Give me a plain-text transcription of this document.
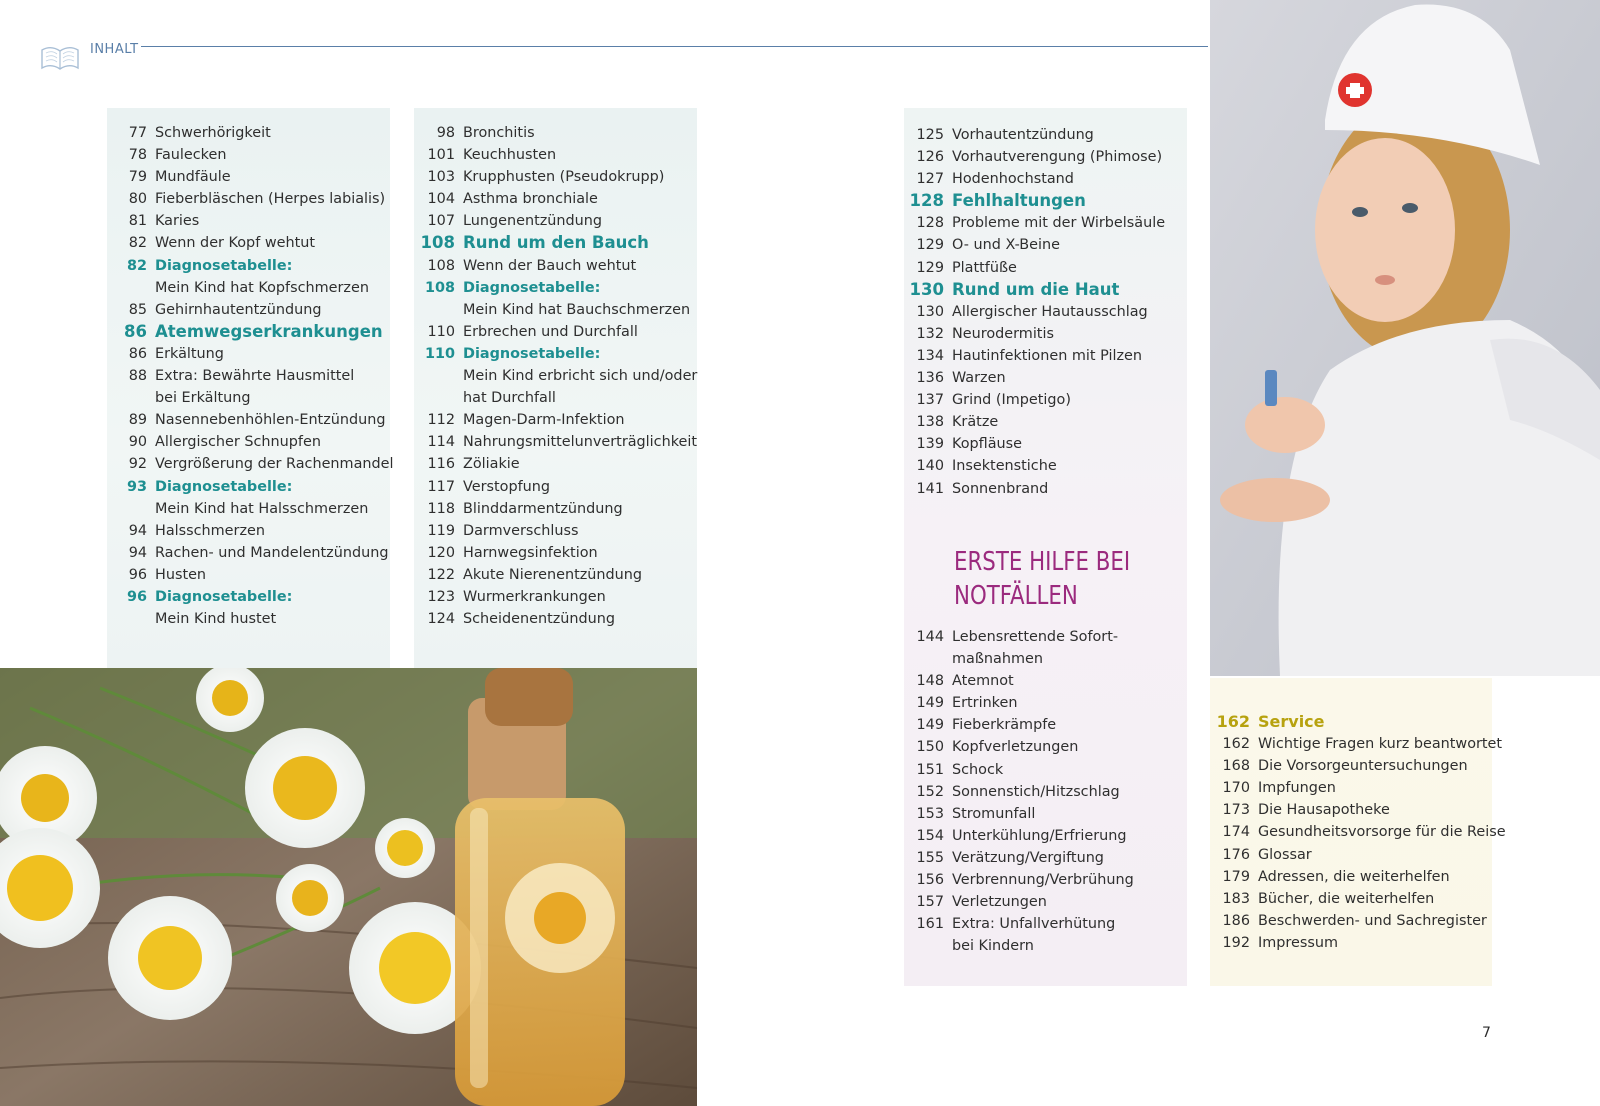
INHALT
77 Schwerhörigkeit
78 Faulecken
79 Mundfäule
80 Fieberbläschen (Herpes labialis)
81 Karies
82 Wenn der Kopf wehtut
82 Diagnosetabelle:
Mein Kind hat Kopfschmerzen
85 Gehirnhautentzündung
86 Atemwegserkrankungen
86 Erkältung
88 Extra: Bewährte Hausmittel
bei Erkältung
89 Nasennebenhöhlen-Entzündung
90 Allergischer Schnupfen
92 Vergrößerung der Rachenmandel
93 Diagnosetabelle:
Mein Kind hat Halsschmerzen
94 Halsschmerzen
94 Rachen- und Mandelentzündung
96 Husten
96 Diagnosetabelle:
Mein Kind hustet
98 Bronchitis
101 Keuchhusten
103 Krupphusten (Pseudokrupp)
104 Asthma bronchiale
107 Lungenentzündung
108 Rund um den Bauch
108 Wenn der Bauch wehtut
108 Diagnosetabelle:
Mein Kind hat Bauchschmerzen
110 Erbrechen und Durchfall
110 Diagnosetabelle:
Mein Kind erbricht sich und/oder
hat Durchfall
112 Magen-Darm-Infektion
114 Nahrungsmittelunverträglichkeit
116 Zöliakie
117 Verstopfung
118 Blinddarmentzündung
119 Darmverschluss
120 Harnwegsinfektion
122 Akute Nierenentzündung
123 Wurmerkrankungen
124 Scheidenentzündung
125 Vorhautentzündung
126 Vorhautverengung (Phimose)
127 Hodenhochstand
128 Fehlhaltungen
128 Probleme mit der Wirbelsäule
129 O- und X-Beine
129 Plattfüße
130 Rund um die Haut
130 Allergischer Hautausschlag
132 Neurodermitis
134 Hautinfektionen mit Pilzen
136 Warzen
137 Grind (Impetigo)
138 Krätze
139 Kopfläuse
140 Insektenstiche
141 Sonnenbrand
ERSTE HILFE BEI
NOTFÄLLEN
144 Lebensrettende Sofort-
maßnahmen
148 Atemnot
149 Ertrinken
149 Fieberkrämpfe
150 Kopfverletzungen
151 Schock
152 Sonnenstich/Hitzschlag
153 Stromunfall
154 Unterkühlung/Erfrierung
155 Verätzung/Vergiftung
156 Verbrennung/Verbrühung
157 Verletzungen
161 Extra: Unfallverhütung
bei Kindern
162 Service
162 Wichtige Fragen kurz beantwortet
168 Die Vorsorgeuntersuchungen
170 Impfungen
173 Die Hausapotheke
174 Gesundheitsvorsorge für die Reise
176 Glossar
179 Adressen, die weiterhelfen
183 Bücher, die weiterhelfen
186 Beschwerden- und Sachregister
192 Impressum
7
